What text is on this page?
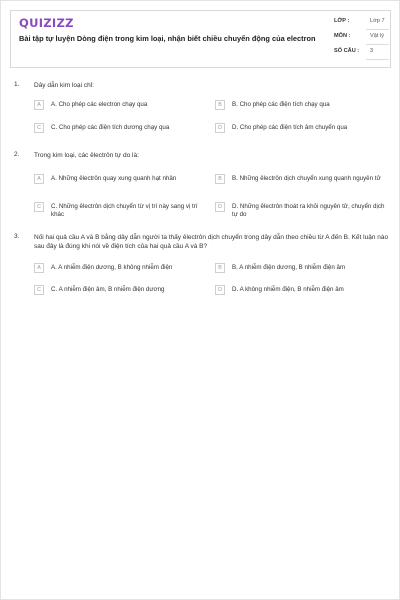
QUIZIZZ
Bài tập tự luyện Dòng điện trong kim loại, nhận biết chiều chuyển động của electron
LỚP :	Lớp 7
MÔN :	Vật lý
SỐ CÂU : 3
1. Dây dẫn kim loại chỉ:
A	A. Cho phép các electron chạy qua	B	B. Cho phép các điện tích chạy qua
C	C. Cho phép các điện tích dương chạy qua	D	D. Cho phép các điện tích âm chuyển qua
2. Trong kim loại, các êlectrôn tự do là:
A	A. Những êlectrôn quay xung quanh hạt nhân	B	B. Những êlectrôn dịch chuyển xung quanh nguyên tử
C	C. Những êlectrôn dịch chuyển từ vị trí này sang vị trí khác
D	D. Những êlectrôn thoát ra khỏi nguyên tử, chuyển dịch tự do
3. Nối hai quả cầu A và B bằng dây dẫn người ta thấy êlectrôn dịch chuyển trong dây dẫn theo chiều từ A đến B. Kết luận nào sau đây là đúng khi nói về điện tích của hai quả cầu A và B?
A	A. A nhiễm điện dương, B không nhiễm điện	B	B. A nhiễm điện dương, B nhiễm điện âm
C	C. A nhiễm điện âm, B nhiễm điện dương	D	D. A không nhiễm điện, B nhiễm điện âm
